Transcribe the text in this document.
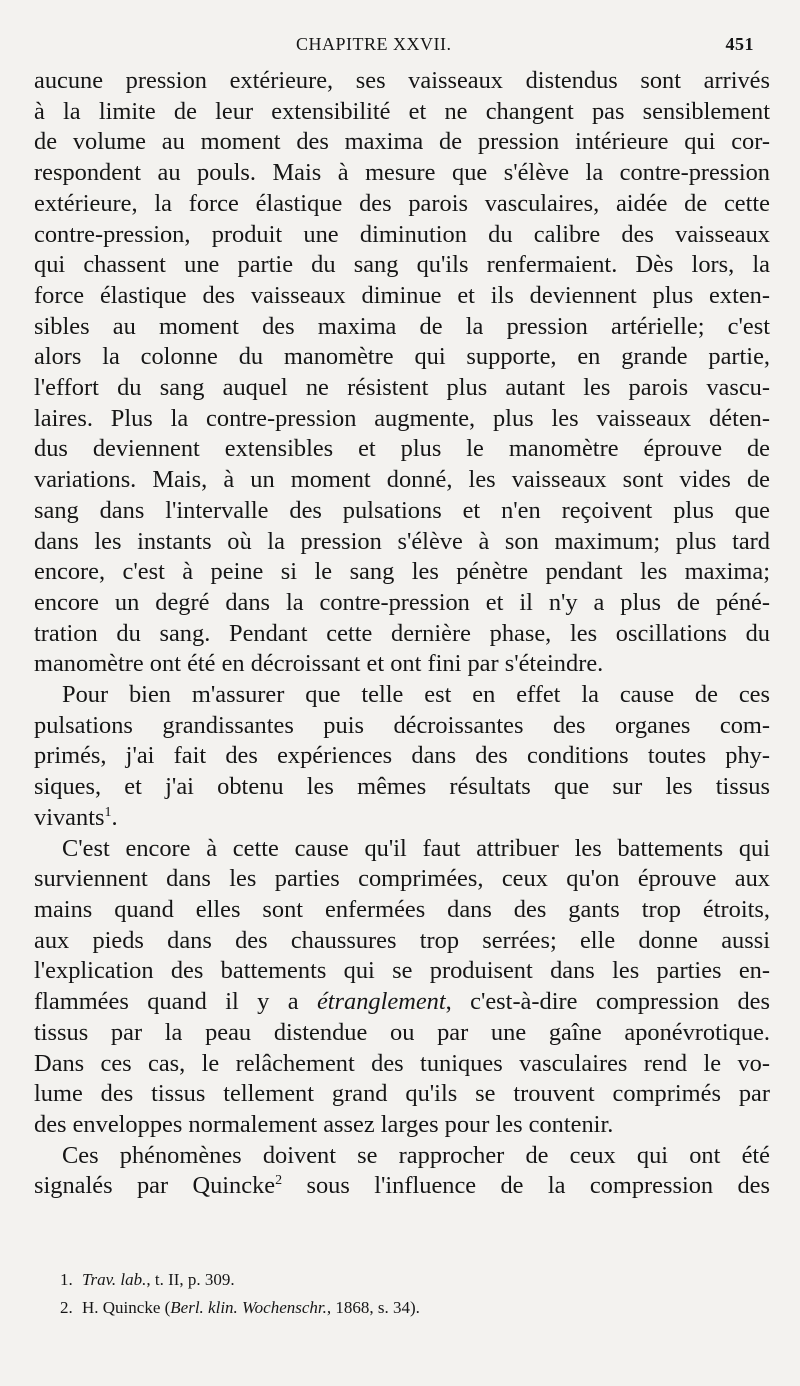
CHAPITRE XXVII.	451

aucune pression extérieure, ses vaisseaux distendus sont arrivés

à la limite de leur extensibilité et ne changent pas sensiblement

de volume au moment des maxima de pression intérieure qui cor-

respondent au pouls. Mais à mesure que s'élève la contre-pression

extérieure, la force élastique des parois vasculaires, aidée de cette

contre-pression, produit une diminution du calibre des vaisseaux

qui chassent une partie du sang qu'ils renfermaient. Dès lors, la

force élastique des vaisseaux diminue et ils deviennent plus exten-

sibles au moment des maxima de la pression artérielle; c'est

alors la colonne du manomètre qui supporte, en grande partie,

l'effort du sang auquel ne résistent plus autant les parois vascu-

laires. Plus la contre-pression augmente, plus les vaisseaux déten-

dus deviennent extensibles et plus le manomètre éprouve de

variations. Mais, à un moment donné, les vaisseaux sont vides de

sang dans l'intervalle des pulsations et n'en reçoivent plus que

dans les instants où la pression s'élève à son maximum; plus tard

encore, c'est à peine si le sang les pénètre pendant les maxima;

encore un degré dans la contre-pression et il n'y a plus de péné-

tration du sang. Pendant cette dernière phase, les oscillations du

manomètre ont été en décroissant et ont fini par s'éteindre.

Pour bien m'assurer que telle est en effet la cause de ces

pulsations grandissantes puis décroissantes des organes com-

primés, j'ai fait des expériences dans des conditions toutes phy-

siques, et j'ai obtenu les mêmes résultats que sur les tissus

vivants$^1$.

C'est encore à cette cause qu'il faut attribuer les battements qui

surviennent dans les parties comprimées, ceux qu'on éprouve aux

mains quand elles sont enfermées dans des gants trop étroits,

aux pieds dans des chaussures trop serrées; elle donne aussi

l'explication des battements qui se produisent dans les parties en-

flammées quand il y a étranglement, c'est-à-dire compression des

tissus par la peau distendue ou par une gaîne aponévrotique.

Dans ces cas, le relâchement des tuniques vasculaires rend le vo-

lume des tissus tellement grand qu'ils se trouvent comprimés par

des enveloppes normalement assez larges pour les contenir.

Ces phénomènes doivent se rapprocher de ceux qui ont été

signalés par Quincke$^2$ sous l'influence de la compression des

1. Trav. lab., t. II, p. 309.
2. H. Quincke (Berl. klin. Wochenschr., 1868, s. 34).
